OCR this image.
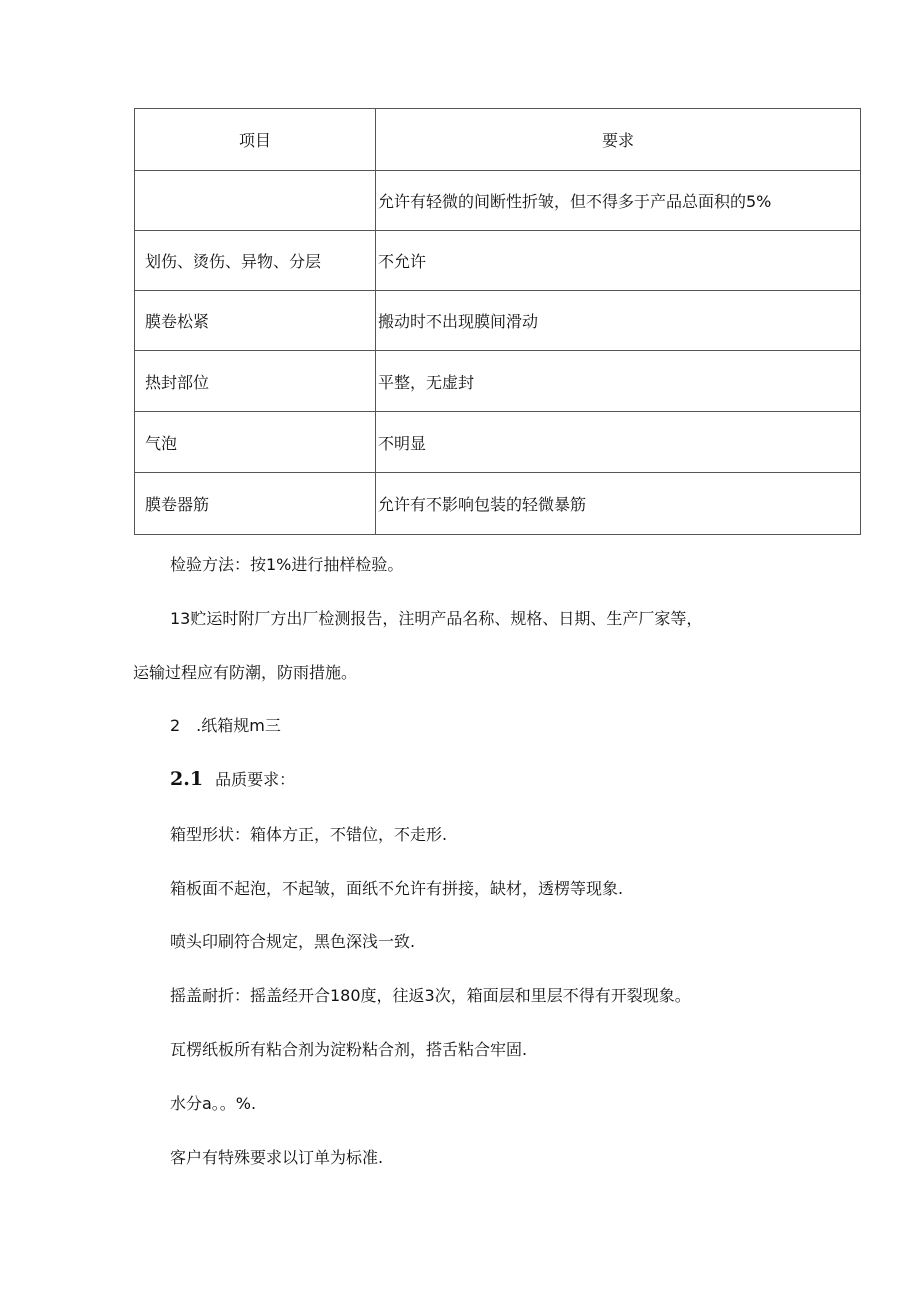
项目	要求
	允许有轻微的间断性折皱，但不得多于产品总面积的5%
划伤、烫伤、异物、分层	不允许
膜卷松紧	搬动时不出现膜间滑动
热封部位	平整，无虚封
气泡	不明显
膜卷器筋	允许有不影响包装的轻微暴筋

检验方法：按1%进行抽样检验。

13贮运时附厂方出厂检测报告，注明产品名称、规格、日期、生产厂家等，

运输过程应有防潮，防雨措施。

2　.纸箱规m三

2.1 品质要求：

箱型形状：箱体方正，不错位，不走形.

箱板面不起泡，不起皱，面纸不允许有拼接，缺材，透楞等现象.

喷头印刷符合规定，黑色深浅一致.

摇盖耐折：摇盖经开合180度，往返3次，箱面层和里层不得有开裂现象。

瓦楞纸板所有粘合剂为淀粉粘合剂，搭舌粘合牢固.

水分a。。%.

客户有特殊要求以订单为标准.
